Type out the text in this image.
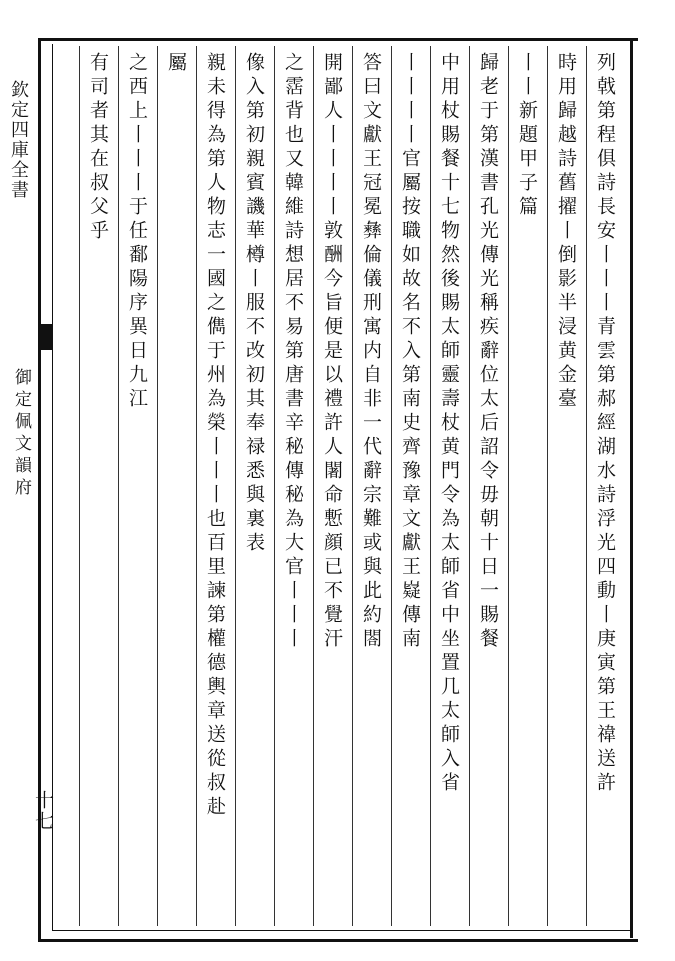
欽定四庫全書
御定佩文韻府
十七
列戟第程俱詩長安丨丨丨青雲第郝經湖水詩浮光四動丨庚寅第王禕送許
時用歸越詩舊擢丨倒影半浸黄金臺
丨丨新題甲子篇
歸老于第漢書孔光傳光稱疾辭位太后詔令毋朝十日一賜餐
中用杖賜餐十七物然後賜太師靈壽杖黄門令為太師省中坐置几太師入省
丨丨丨丨官屬按職如故名不入第南史齊豫章文獻王嶷傳南
答曰文獻王冠冕彝倫儀刑寓内自非一代辭宗難或與此約閤
開鄙人丨丨丨丨敦酬今旨便是以禮許人闍命慙顔已不覺汗
之霑背也又韓維詩想居不易第唐書辛秘傳秘為大官丨丨丨
像入第初親賓譏華樽丨服不改初其奉禄悉與裏表
親未得為第人物志一國之儁于州為榮丨丨丨也百里諫第權德輿章送從叔赴
屬
之西上丨丨丨于任鄱陽序異日九江
有司者其在叔父乎
